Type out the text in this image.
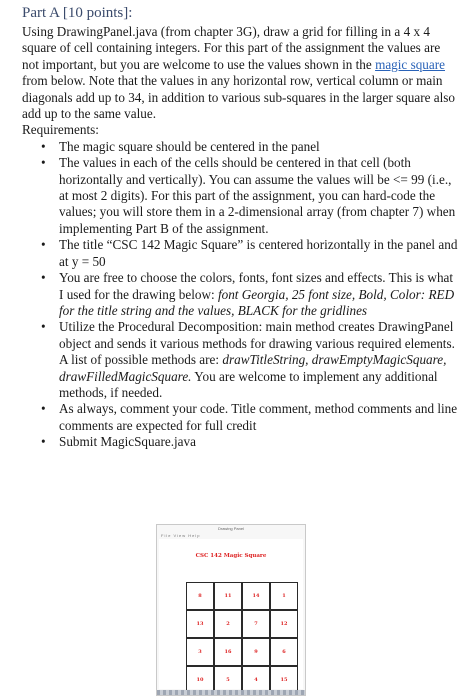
Part A [10 points]:

Using DrawingPanel.java (from chapter 3G), draw a grid for filling in a 4 x 4 square of cell containing integers. For this part of the assignment the values are not important, but you are welcome to use the values shown in the magic square from below. Note that the values in any horizontal row, vertical column or main diagonals add up to 34, in addition to various sub-squares in the larger square also add up to the same value.

Requirements:

• The magic square should be centered in the panel
• The values in each of the cells should be centered in that cell (both horizontally and vertically). You can assume the values will be <= 99 (i.e., at most 2 digits). For this part of the assignment, you can hard-code the values; you will store them in a 2-dimensional array (from chapter 7) when implementing Part B of the assignment.
• The title “CSC 142 Magic Square” is centered horizontally in the panel and at y = 50
• You are free to choose the colors, fonts, font sizes and effects. This is what I used for the drawing below: font Georgia, 25 font size, Bold, Color: RED for the title string and the values, BLACK for the gridlines
• Utilize the Procedural Decomposition: main method creates DrawingPanel object and sends it various methods for drawing various required elements. A list of possible methods are: drawTitleString, drawEmptyMagicSquare, drawFilledMagicSquare. You are welcome to implement any additional methods, if needed.
• As always, comment your code. Title comment, method comments and line comments are expected for full credit
• Submit MagicSquare.java
Drawing Panel
File View Help
CSC 142 Magic Square
8	11	14	1
13	2	7	12
3	16	9	6
10	5	4	15
